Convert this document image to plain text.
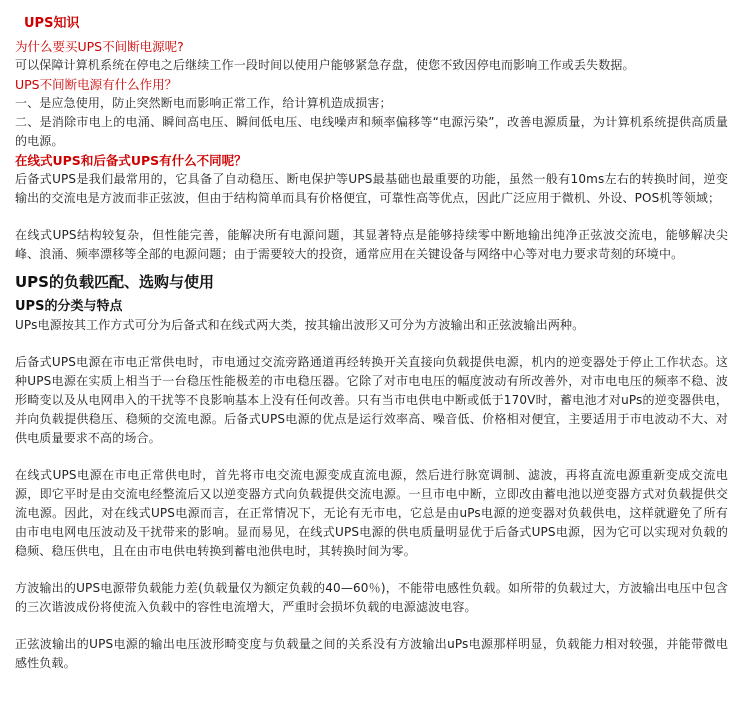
UPS知识
为什么要买UPS不间断电源呢?

可以保障计算机系统在停电之后继续工作一段时间以使用户能够紧急存盘，使您不致因停电而影响工作或丢失数据。

UPS不间断电源有什么作用？

一、是应急使用，防止突然断电而影响正常工作，给计算机造成损害；

二、是消除市电上的电涌、瞬间高电压、瞬间低电压、电线噪声和频率偏移等“电源污染”，改善电源质量，为计算机系统提供高质量的电源。

在线式UPS和后备式UPS有什么不同呢？

后备式UPS是我们最常用的，它具备了自动稳压、断电保护等UPS最基础也最重要的功能，虽然一般有10ms左右的转换时间，逆变输出的交流电是方波而非正弦波，但由于结构简单而具有价格便宜，可靠性高等优点，因此广泛应用于微机、外设、POS机等领域；

在线式UPS结构较复杂，但性能完善，能解决所有电源问题，其显著特点是能够持续零中断地输出纯净正弦波交流电，能够解决尖峰、浪涌、频率漂移等全部的电源问题；由于需要较大的投资，通常应用在关键设备与网络中心等对电力要求苛刻的环境中。

UPS的负载匹配、选购与使用
UPS的分类与特点

UPs电源按其工作方式可分为后备式和在线式两大类，按其输出波形又可分为方波输出和正弦波输出两种。

后备式UPS电源在市电正常供电时，市电通过交流旁路通道再经转换开关直接向负载提供电源，机内的逆变器处于停止工作状态。这种UPS电源在实质上相当于一台稳压性能极差的市电稳压器。它除了对市电电压的幅度波动有所改善外，对市电电压的频率不稳、波形畸变以及从电网串入的干扰等不良影响基本上没有任何改善。只有当市电供电中断或低于170V时，蓄电池才对uPs的逆变器供电，并向负载提供稳压、稳频的交流电源。后备式UPS电源的优点是运行效率高、噪音低、价格相对便宜，主要适用于市电波动不大、对供电质量要求不高的场合。

在线式UPS电源在市电正常供电时，首先将市电交流电源变成直流电源，然后进行脉宽调制、滤波，再将直流电源重新变成交流电源，即它平时是由交流电经整流后又以逆变器方式向负载提供交流电源。一旦市电中断，立即改由蓄电池以逆变器方式对负载提供交流电源。因此，对在线式UPS电源而言，在正常情况下，无论有无市电，它总是由uPs电源的逆变器对负载供电，这样就避免了所有由市电电网电压波动及干扰带来的影响。显而易见，在线式UPS电源的供电质量明显优于后备式UPS电源，因为它可以实现对负载的稳频、稳压供电，且在由市电供电转换到蓄电池供电时，其转换时间为零。

方波输出的UPS电源带负载能力差(负载量仅为额定负载的40—60％)，不能带电感性负载。如所带的负载过大，方波输出电压中包含的三次谐波成份将使流入负载中的容性电流增大，严重时会损坏负载的电源滤波电容。

正弦波输出的UPS电源的输出电压波形畸变度与负载量之间的关系没有方波输出uPs电源那样明显，负载能力相对较强，并能带微电感性负载。
